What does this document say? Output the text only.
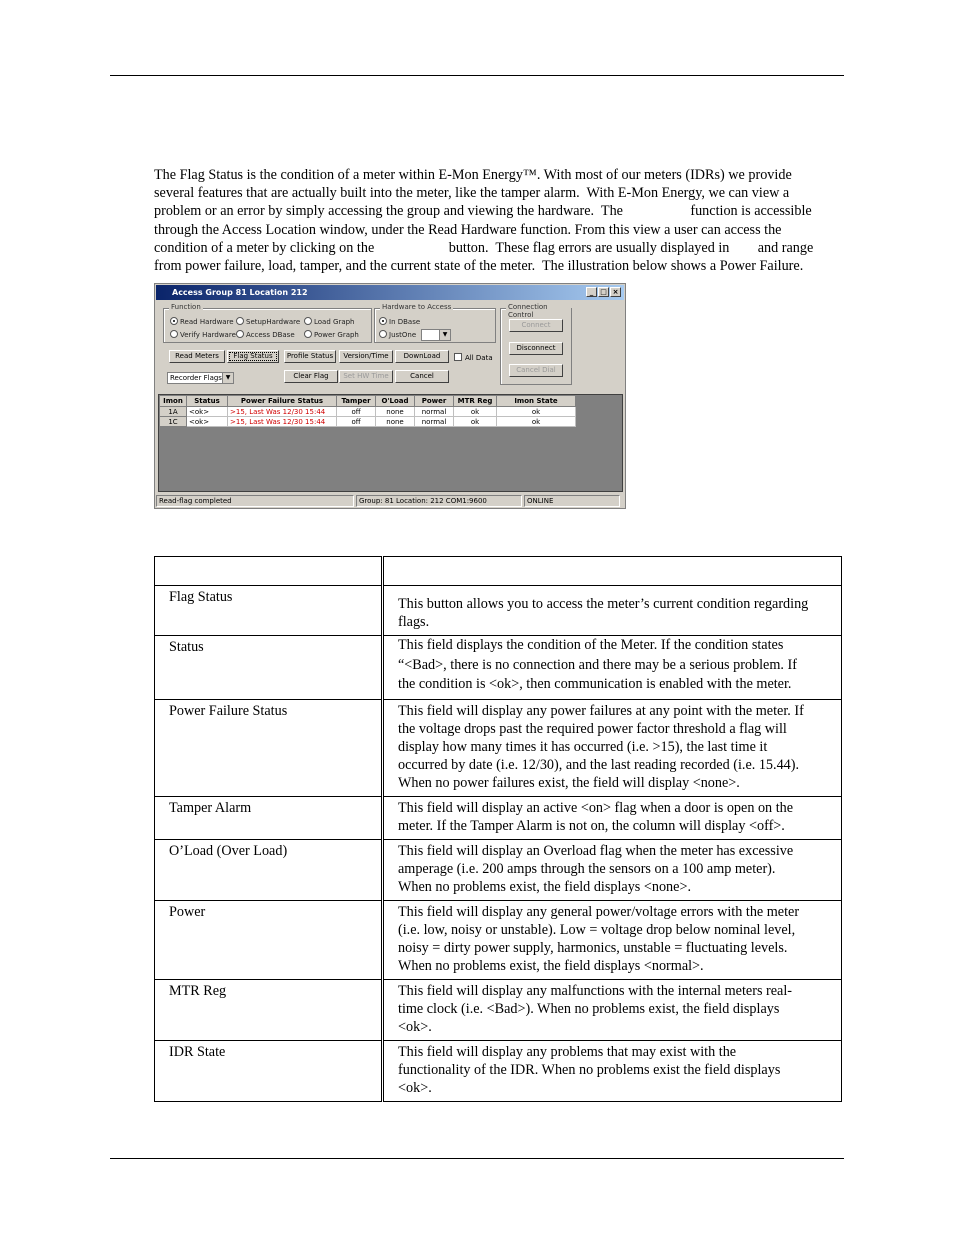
The Flag Status is the condition of a meter within E-Mon Energy™. With most of our meters (IDRs) we provide
several features that are actually built into the meter, like the tamper alarm.  With E-Mon Energy, we can view a
problem or an error by simply accessing the group and viewing the hardware.  The                   function is accessible
through the Access Location window, under the Read Hardware function. From this view a user can access the
condition of a meter by clicking on the                     button.  These flag errors are usually displayed in        and range
from power failure, load, tamper, and the current state of the meter.  The illustration below shows a Power Failure.
Access Group 81 Location 212	_ □ ×
Function
Read Hardware	SetupHardware	Load Graph
Verify Hardware	Access DBase	Power Graph
Hardware to Access
In DBase
JustOne	▼
Connection Control
Connect
Disconnect
Cancel Dial
Read Meters	Flag Status	Profile Status	Version/Time	DownLoad	All Data
Recorder Flags ▼	Clear Flag	Set HW Time	Cancel
Imon	Status	Power Failure Status	Tamper	O'Load	Power	MTR Reg	Imon State
1A	<ok>	>15, Last Was 12/30 15:44	off	none	normal	ok	ok
1C	<ok>	>15, Last Was 12/30 15:44	off	none	normal	ok	ok
Read-flag completed	Group: 81 Location: 212 COM1:9600	ONLINE

Flag Status	This button allows you to access the meter’s current condition regarding
flags.

Status	This field displays the condition of the Meter. If the condition states
“<Bad>, there is no connection and there may be a serious problem. If
the condition is <ok>, then communication is enabled with the meter.

Power Failure Status	This field will display any power failures at any point with the meter. If
the voltage drops past the required power factor threshold a flag will
display how many times it has occurred (i.e. >15), the last time it
occurred by date (i.e. 12/30), and the last reading recorded (i.e. 15.44).
When no power failures exist, the field will display <none>.

Tamper Alarm	This field will display an active <on> flag when a door is open on the
meter. If the Tamper Alarm is not on, the column will display <off>.

O’Load (Over Load)	This field will display an Overload flag when the meter has excessive
amperage (i.e. 200 amps through the sensors on a 100 amp meter).
When no problems exist, the field displays <none>.

Power	This field will display any general power/voltage errors with the meter
(i.e. low, noisy or unstable). Low = voltage drop below nominal level,
noisy = dirty power supply, harmonics, unstable = fluctuating levels.
When no problems exist, the field displays <normal>.

MTR Reg	This field will display any malfunctions with the internal meters real-
time clock (i.e. <Bad>). When no problems exist, the field displays
<ok>.

IDR State	This field will display any problems that may exist with the
functionality of the IDR. When no problems exist the field displays
<ok>.
